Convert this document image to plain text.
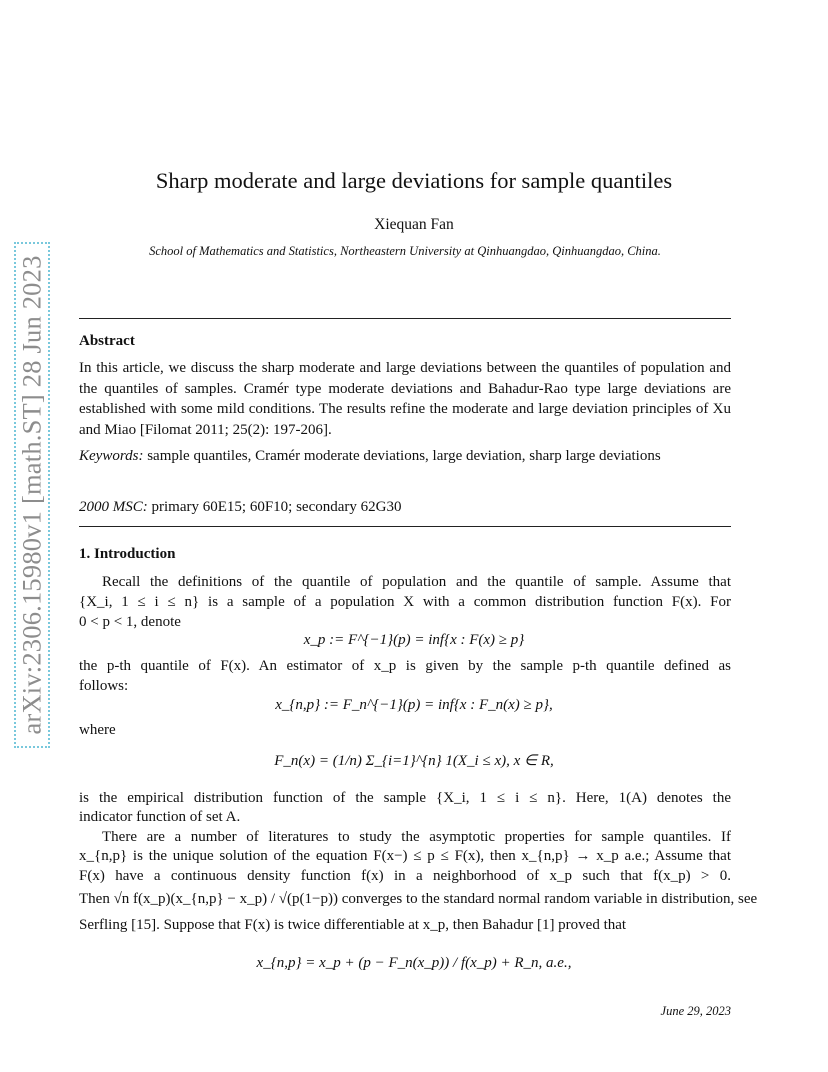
arXiv:2306.15980v1 [math.ST] 28 Jun 2023
Sharp moderate and large deviations for sample quantiles
Xiequan Fan
School of Mathematics and Statistics, Northeastern University at Qinhuangdao, Qinhuangdao, China.
Abstract
In this article, we discuss the sharp moderate and large deviations between the quantiles of population and the quantiles of samples. Cramér type moderate deviations and Bahadur-Rao type large deviations are established with some mild conditions. The results refine the moderate and large deviation principles of Xu and Miao [Filomat 2011; 25(2): 197-206].
Keywords: sample quantiles, Cramér moderate deviations, large deviation, sharp large deviations
2000 MSC: primary 60E15; 60F10; secondary 62G30
1. Introduction
Recall the definitions of the quantile of population and the quantile of sample. Assume that
{X_i, 1 ≤ i ≤ n} is a sample of a population X with a common distribution function F(x). For
0 < p < 1, denote
x_p := F^{−1}(p) = inf{x : F(x) ≥ p}
the p-th quantile of F(x). An estimator of x_p is given by the sample p-th quantile defined as
follows:
x_{n,p} := F_n^{−1}(p) = inf{x : F_n(x) ≥ p},
where
F_n(x) = (1/n) Σ_{i=1}^{n} 1(X_i ≤ x), x ∈ R,
is the empirical distribution function of the sample {X_i, 1 ≤ i ≤ n}. Here, 1(A) denotes the
indicator function of set A.
There are a number of literatures to study the asymptotic properties for sample quantiles. If
x_{n,p} is the unique solution of the equation F(x−) ≤ p ≤ F(x), then x_{n,p} → x_p a.e.; Assume that
F(x) have a continuous density function f(x) in a neighborhood of x_p such that f(x_p) > 0.
Then √n f(x_p)(x_{n,p} − x_p) / √(p(1−p)) converges to the standard normal random variable in distribution, see
Serfling [15]. Suppose that F(x) is twice differentiable at x_p, then Bahadur [1] proved that
x_{n,p} = x_p + (p − F_n(x_p)) / f(x_p) + R_n, a.e.,
June 29, 2023
